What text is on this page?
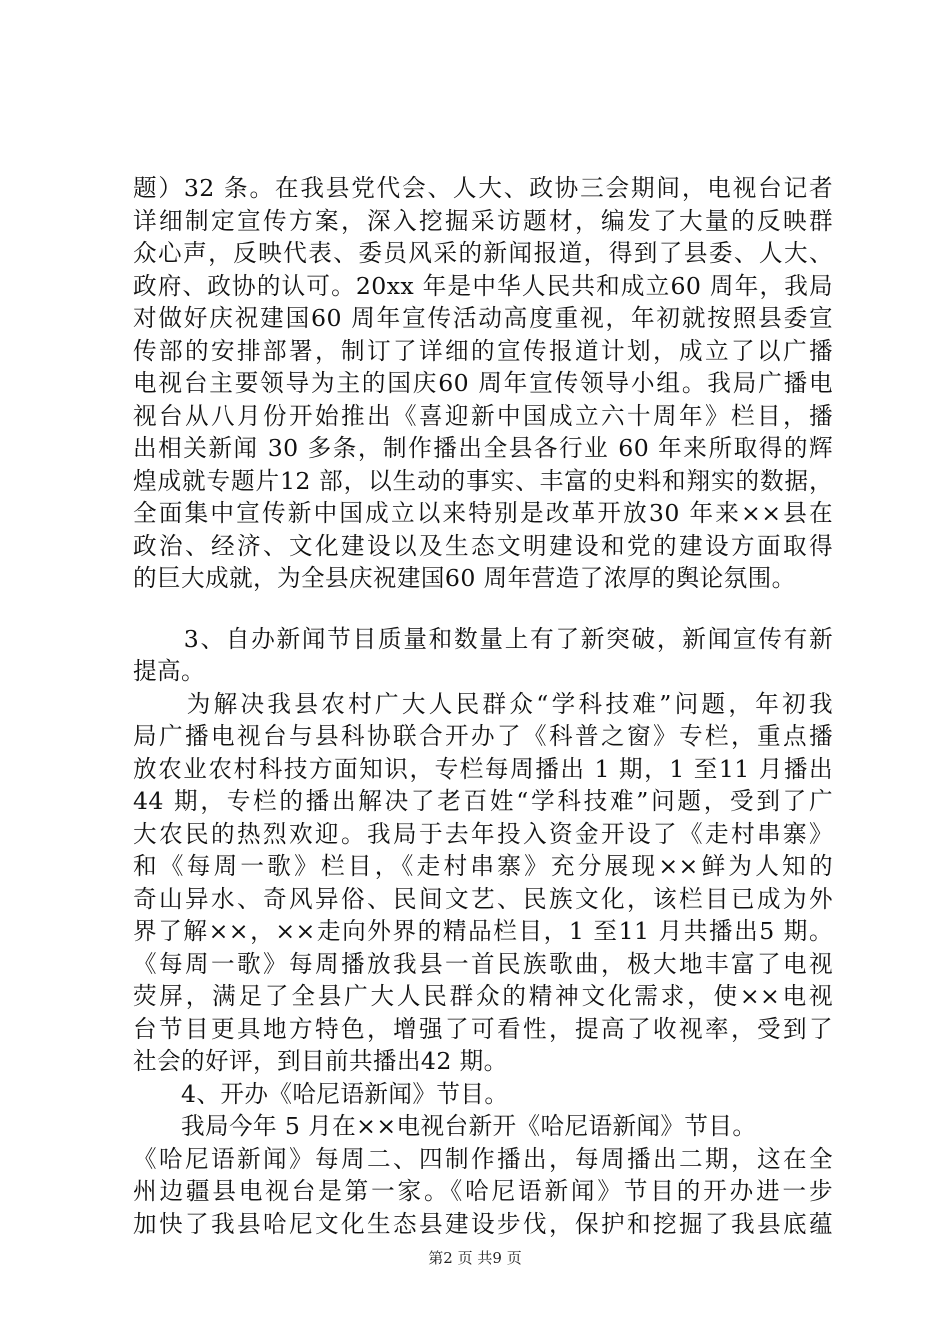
题）32 条。在我县党代会、人大、政协三会期间，电视台记者
详细制定宣传方案，深入挖掘采访题材，编发了大量的反映群
众心声，反映代表、委员风采的新闻报道，得到了县委、人大、
政府、政协的认可。20xx 年是中华人民共和成立60 周年，我局
对做好庆祝建国60 周年宣传活动高度重视，年初就按照县委宣
传部的安排部署，制订了详细的宣传报道计划，成立了以广播
电视台主要领导为主的国庆60 周年宣传领导小组。我局广播电
视台从八月份开始推出《喜迎新中国成立六十周年》栏目，播
出相关新闻 30 多条，制作播出全县各行业 60 年来所取得的辉
煌成就专题片12 部，以生动的事实、丰富的史料和翔实的数据，
全面集中宣传新中国成立以来特别是改革开放30 年来××县在
政治、经济、文化建设以及生态文明建设和党的建设方面取得
的巨大成就，为全县庆祝建国60 周年营造了浓厚的舆论氛围。
　　3、自办新闻节目质量和数量上有了新突破，新闻宣传有新
提高。
　　为解决我县农村广大人民群众“学科技难”问题，年初我
局广播电视台与县科协联合开办了《科普之窗》专栏，重点播
放农业农村科技方面知识，专栏每周播出 1 期，1 至11 月播出
44 期，专栏的播出解决了老百姓“学科技难”问题，受到了广
大农民的热烈欢迎。我局于去年投入资金开设了《走村串寨》
和《每周一歌》栏目，《走村串寨》充分展现××鲜为人知的
奇山异水、奇风异俗、民间文艺、民族文化，该栏目已成为外
界了解××，××走向外界的精品栏目，1 至11 月共播出5 期。
《每周一歌》每周播放我县一首民族歌曲，极大地丰富了电视
荧屏，满足了全县广大人民群众的精神文化需求，使××电视
台节目更具地方特色，增强了可看性，提高了收视率，受到了
社会的好评，到目前共播出42 期。
　　4、开办《哈尼语新闻》节目。
　　我局今年 5 月在××电视台新开《哈尼语新闻》节目。
《哈尼语新闻》每周二、四制作播出，每周播出二期，这在全
州边疆县电视台是第一家。《哈尼语新闻》节目的开办进一步
加快了我县哈尼文化生态县建设步伐，保护和挖掘了我县底蕴
第2 页 共9 页
